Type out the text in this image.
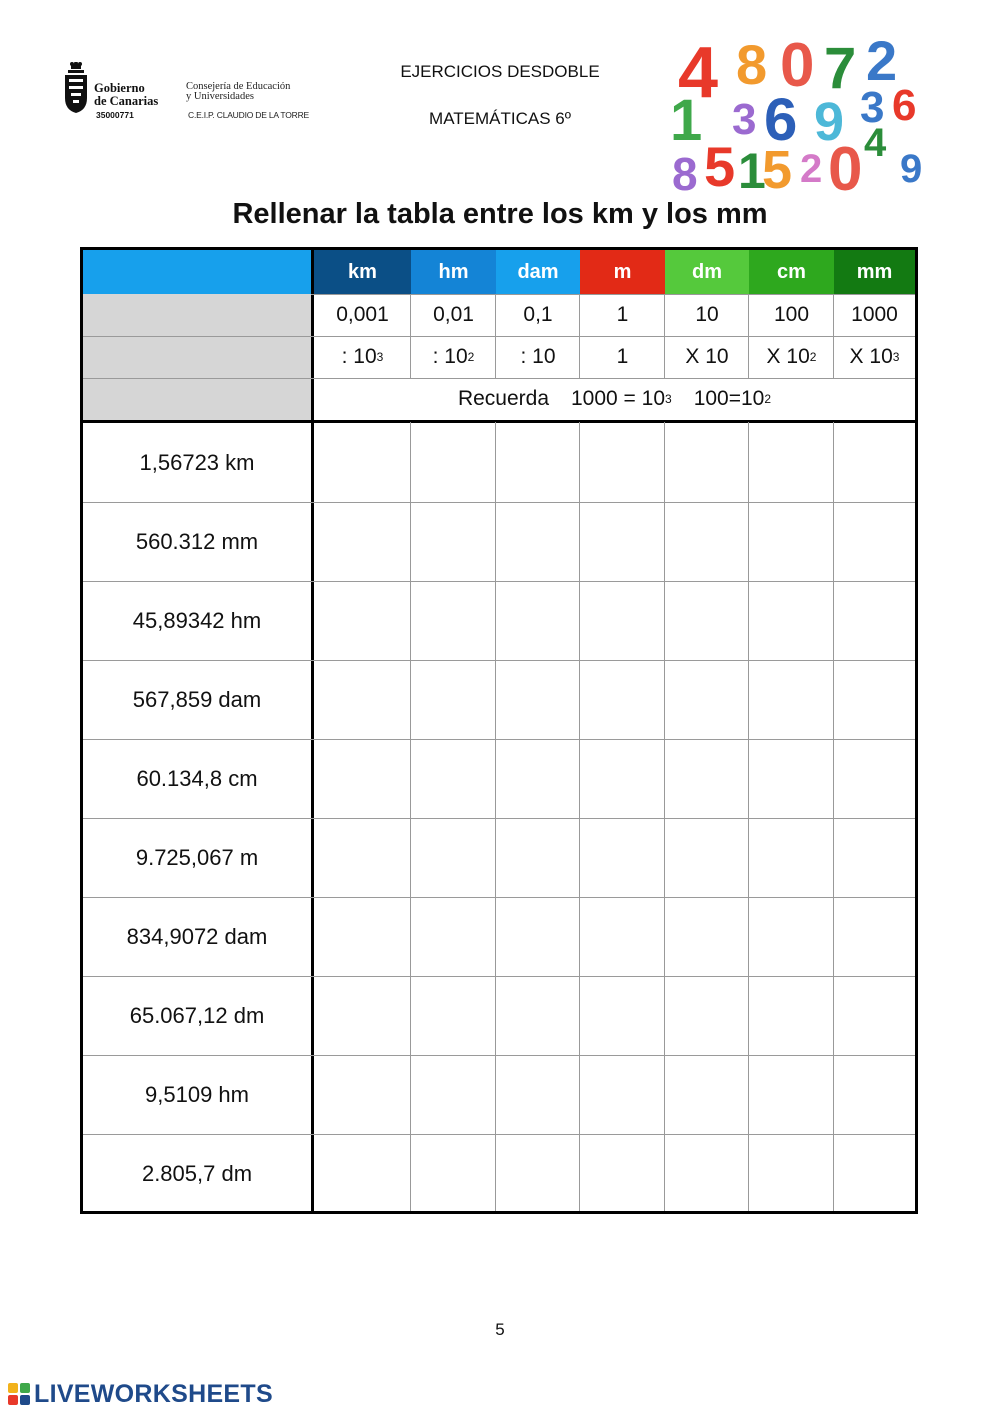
Gobierno
de Canarias
35000771
Consejería de Educación
y Universidades
C.E.I.P. CLAUDIO DE LA TORRE
EJERCICIOS DESDOBLE
MATEMÁTICAS 6º
4 8 0 7 2
1 3 6 9 3 6
8 5 1
5 2 0 4
9
Rellenar la tabla entre los km y los mm
Recuerda 1000 = 10 3 100=10 2
km
0,001
: 10 3
hm
0,01
: 10 2
dam
0,1
: 10
m
1
1
dm
10
X 10
cm
100
X 10 2
mm
1000
X 10 3
1,56723 km
560.312 mm
45,89342 hm
567,859 dam
60.134,8 cm
9.725,067 m
834,9072 dam
65.067,12 dm
9,5109 hm
2.805,7 dm
5
LIVEWORKSHEETS
